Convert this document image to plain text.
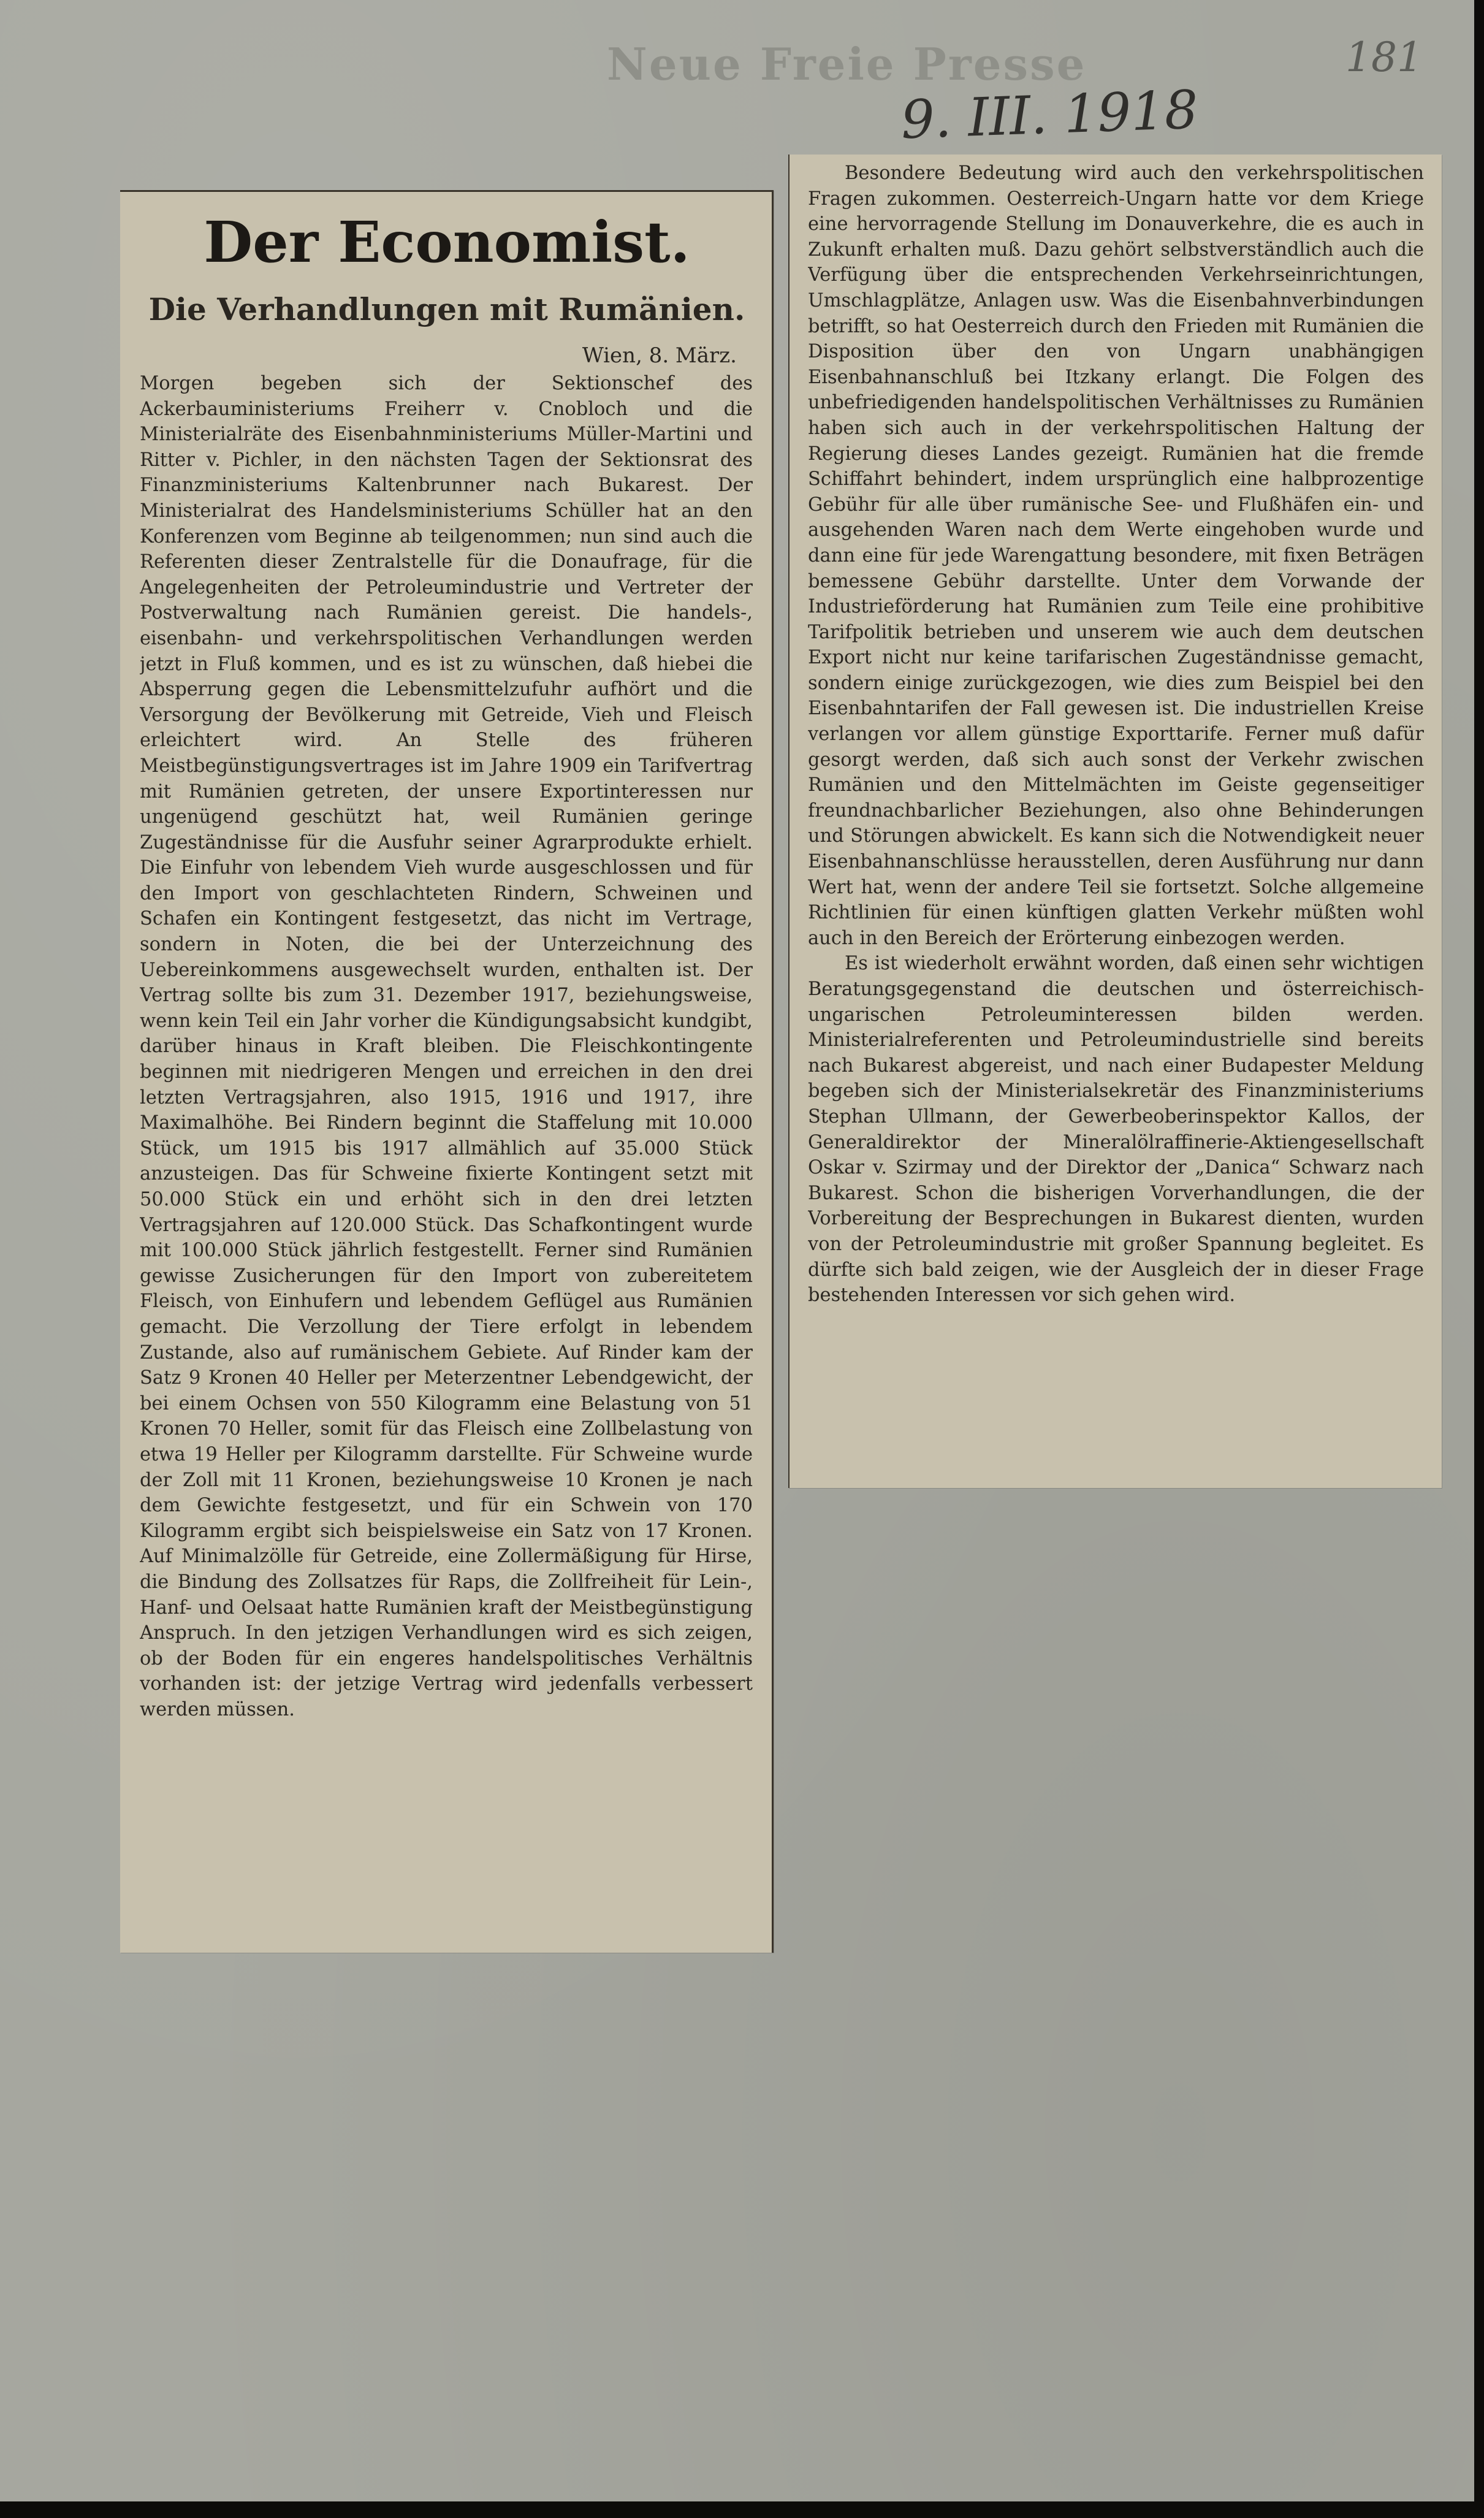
Neue Freie Presse	181
9. III. 1918
Der Economist.
Die Verhandlungen mit Rumänien.
Wien, 8. März.

Morgen begeben sich der Sektionschef des Ackerbauministeriums Freiherr v. Cnobloch und die Ministerialräte des Eisenbahnministeriums Müller-Martini und Ritter v. Pichler, in den nächsten Tagen der Sektionsrat des Finanzministeriums Kaltenbrunner nach Bukarest. Der Ministerialrat des Handelsministeriums Schüller hat an den Konferenzen vom Beginne ab teilgenommen; nun sind auch die Referenten dieser Zentralstelle für die Donaufrage, für die Angelegenheiten der Petroleumindustrie und Vertreter der Postverwaltung nach Rumänien gereist. Die handels-, eisenbahn- und verkehrspolitischen Verhandlungen werden jetzt in Fluß kommen, und es ist zu wünschen, daß hiebei die Absperrung gegen die Lebensmittelzufuhr aufhört und die Versorgung der Bevölkerung mit Getreide, Vieh und Fleisch erleichtert wird. An Stelle des früheren Meistbegünstigungsvertrages ist im Jahre 1909 ein Tarifvertrag mit Rumänien getreten, der unsere Exportinteressen nur ungenügend geschützt hat, weil Rumänien geringe Zugeständnisse für die Ausfuhr seiner Agrarprodukte erhielt. Die Einfuhr von lebendem Vieh wurde ausgeschlossen und für den Import von geschlachteten Rindern, Schweinen und Schafen ein Kontingent festgesetzt, das nicht im Vertrage, sondern in Noten, die bei der Unterzeichnung des Uebereinkommens ausgewechselt wurden, enthalten ist. Der Vertrag sollte bis zum 31. Dezember 1917, beziehungsweise, wenn kein Teil ein Jahr vorher die Kündigungsabsicht kundgibt, darüber hinaus in Kraft bleiben. Die Fleischkontingente beginnen mit niedrigeren Mengen und erreichen in den drei letzten Vertragsjahren, also 1915, 1916 und 1917, ihre Maximalhöhe. Bei Rindern beginnt die Staffelung mit 10.000 Stück, um 1915 bis 1917 allmählich auf 35.000 Stück anzusteigen. Das für Schweine fixierte Kontingent setzt mit 50.000 Stück ein und erhöht sich in den drei letzten Vertragsjahren auf 120.000 Stück. Das Schafkontingent wurde mit 100.000 Stück jährlich festgestellt. Ferner sind Rumänien gewisse Zusicherungen für den Import von zubereitetem Fleisch, von Einhufern und lebendem Geflügel aus Rumänien gemacht. Die Verzollung der Tiere erfolgt in lebendem Zustande, also auf rumänischem Gebiete. Auf Rinder kam der Satz 9 Kronen 40 Heller per Meterzentner Lebendgewicht, der bei einem Ochsen von 550 Kilogramm eine Belastung von 51 Kronen 70 Heller, somit für das Fleisch eine Zollbelastung von etwa 19 Heller per Kilogramm darstellte. Für Schweine wurde der Zoll mit 11 Kronen, beziehungsweise 10 Kronen je nach dem Gewichte festgesetzt, und für ein Schwein von 170 Kilogramm ergibt sich beispielsweise ein Satz von 17 Kronen. Auf Minimalzölle für Getreide, eine Zollermäßigung für Hirse, die Bindung des Zollsatzes für Raps, die Zollfreiheit für Lein-, Hanf- und Oelsaat hatte Rumänien kraft der Meistbegünstigung Anspruch. In den jetzigen Verhandlungen wird es sich zeigen, ob der Boden für ein engeres handelspolitisches Verhältnis vorhanden ist: der jetzige Vertrag wird jedenfalls verbessert werden müssen.

Besondere Bedeutung wird auch den verkehrspolitischen Fragen zukommen. Oesterreich-Ungarn hatte vor dem Kriege eine hervorragende Stellung im Donauverkehre, die es auch in Zukunft erhalten muß. Dazu gehört selbstverständlich auch die Verfügung über die entsprechenden Verkehrseinrichtungen, Umschlagplätze, Anlagen usw. Was die Eisenbahnverbindungen betrifft, so hat Oesterreich durch den Frieden mit Rumänien die Disposition über den von Ungarn unabhängigen Eisenbahnanschluß bei Itzkany erlangt. Die Folgen des unbefriedigenden handelspolitischen Verhältnisses zu Rumänien haben sich auch in der verkehrspolitischen Haltung der Regierung dieses Landes gezeigt. Rumänien hat die fremde Schiffahrt behindert, indem ursprünglich eine halbprozentige Gebühr für alle über rumänische See- und Flußhäfen ein- und ausgehenden Waren nach dem Werte eingehoben wurde und dann eine für jede Warengattung besondere, mit fixen Beträgen bemessene Gebühr darstellte. Unter dem Vorwande der Industrieförderung hat Rumänien zum Teile eine prohibitive Tarifpolitik betrieben und unserem wie auch dem deutschen Export nicht nur keine tarifarischen Zugeständnisse gemacht, sondern einige zurückgezogen, wie dies zum Beispiel bei den Eisenbahntarifen der Fall gewesen ist. Die industriellen Kreise verlangen vor allem günstige Exporttarife. Ferner muß dafür gesorgt werden, daß sich auch sonst der Verkehr zwischen Rumänien und den Mittelmächten im Geiste gegenseitiger freundnachbarlicher Beziehungen, also ohne Behinderungen und Störungen abwickelt. Es kann sich die Notwendigkeit neuer Eisenbahnanschlüsse herausstellen, deren Ausführung nur dann Wert hat, wenn der andere Teil sie fortsetzt. Solche allgemeine Richtlinien für einen künftigen glatten Verkehr müßten wohl auch in den Bereich der Erörterung einbezogen werden.

Es ist wiederholt erwähnt worden, daß einen sehr wichtigen Beratungsgegenstand die deutschen und österreichisch-ungarischen Petroleuminteressen bilden werden. Ministerialreferenten und Petroleumindustrielle sind bereits nach Bukarest abgereist, und nach einer Budapester Meldung begeben sich der Ministerialsekretär des Finanzministeriums Stephan Ullmann, der Gewerbeoberinspektor Kallos, der Generaldirektor der Mineralölraffinerie-Aktiengesellschaft Oskar v. Szirmay und der Direktor der „Danica“ Schwarz nach Bukarest. Schon die bisherigen Vorverhandlungen, die der Vorbereitung der Besprechungen in Bukarest dienten, wurden von der Petroleumindustrie mit großer Spannung begleitet. Es dürfte sich bald zeigen, wie der Ausgleich der in dieser Frage bestehenden Interessen vor sich gehen wird.
